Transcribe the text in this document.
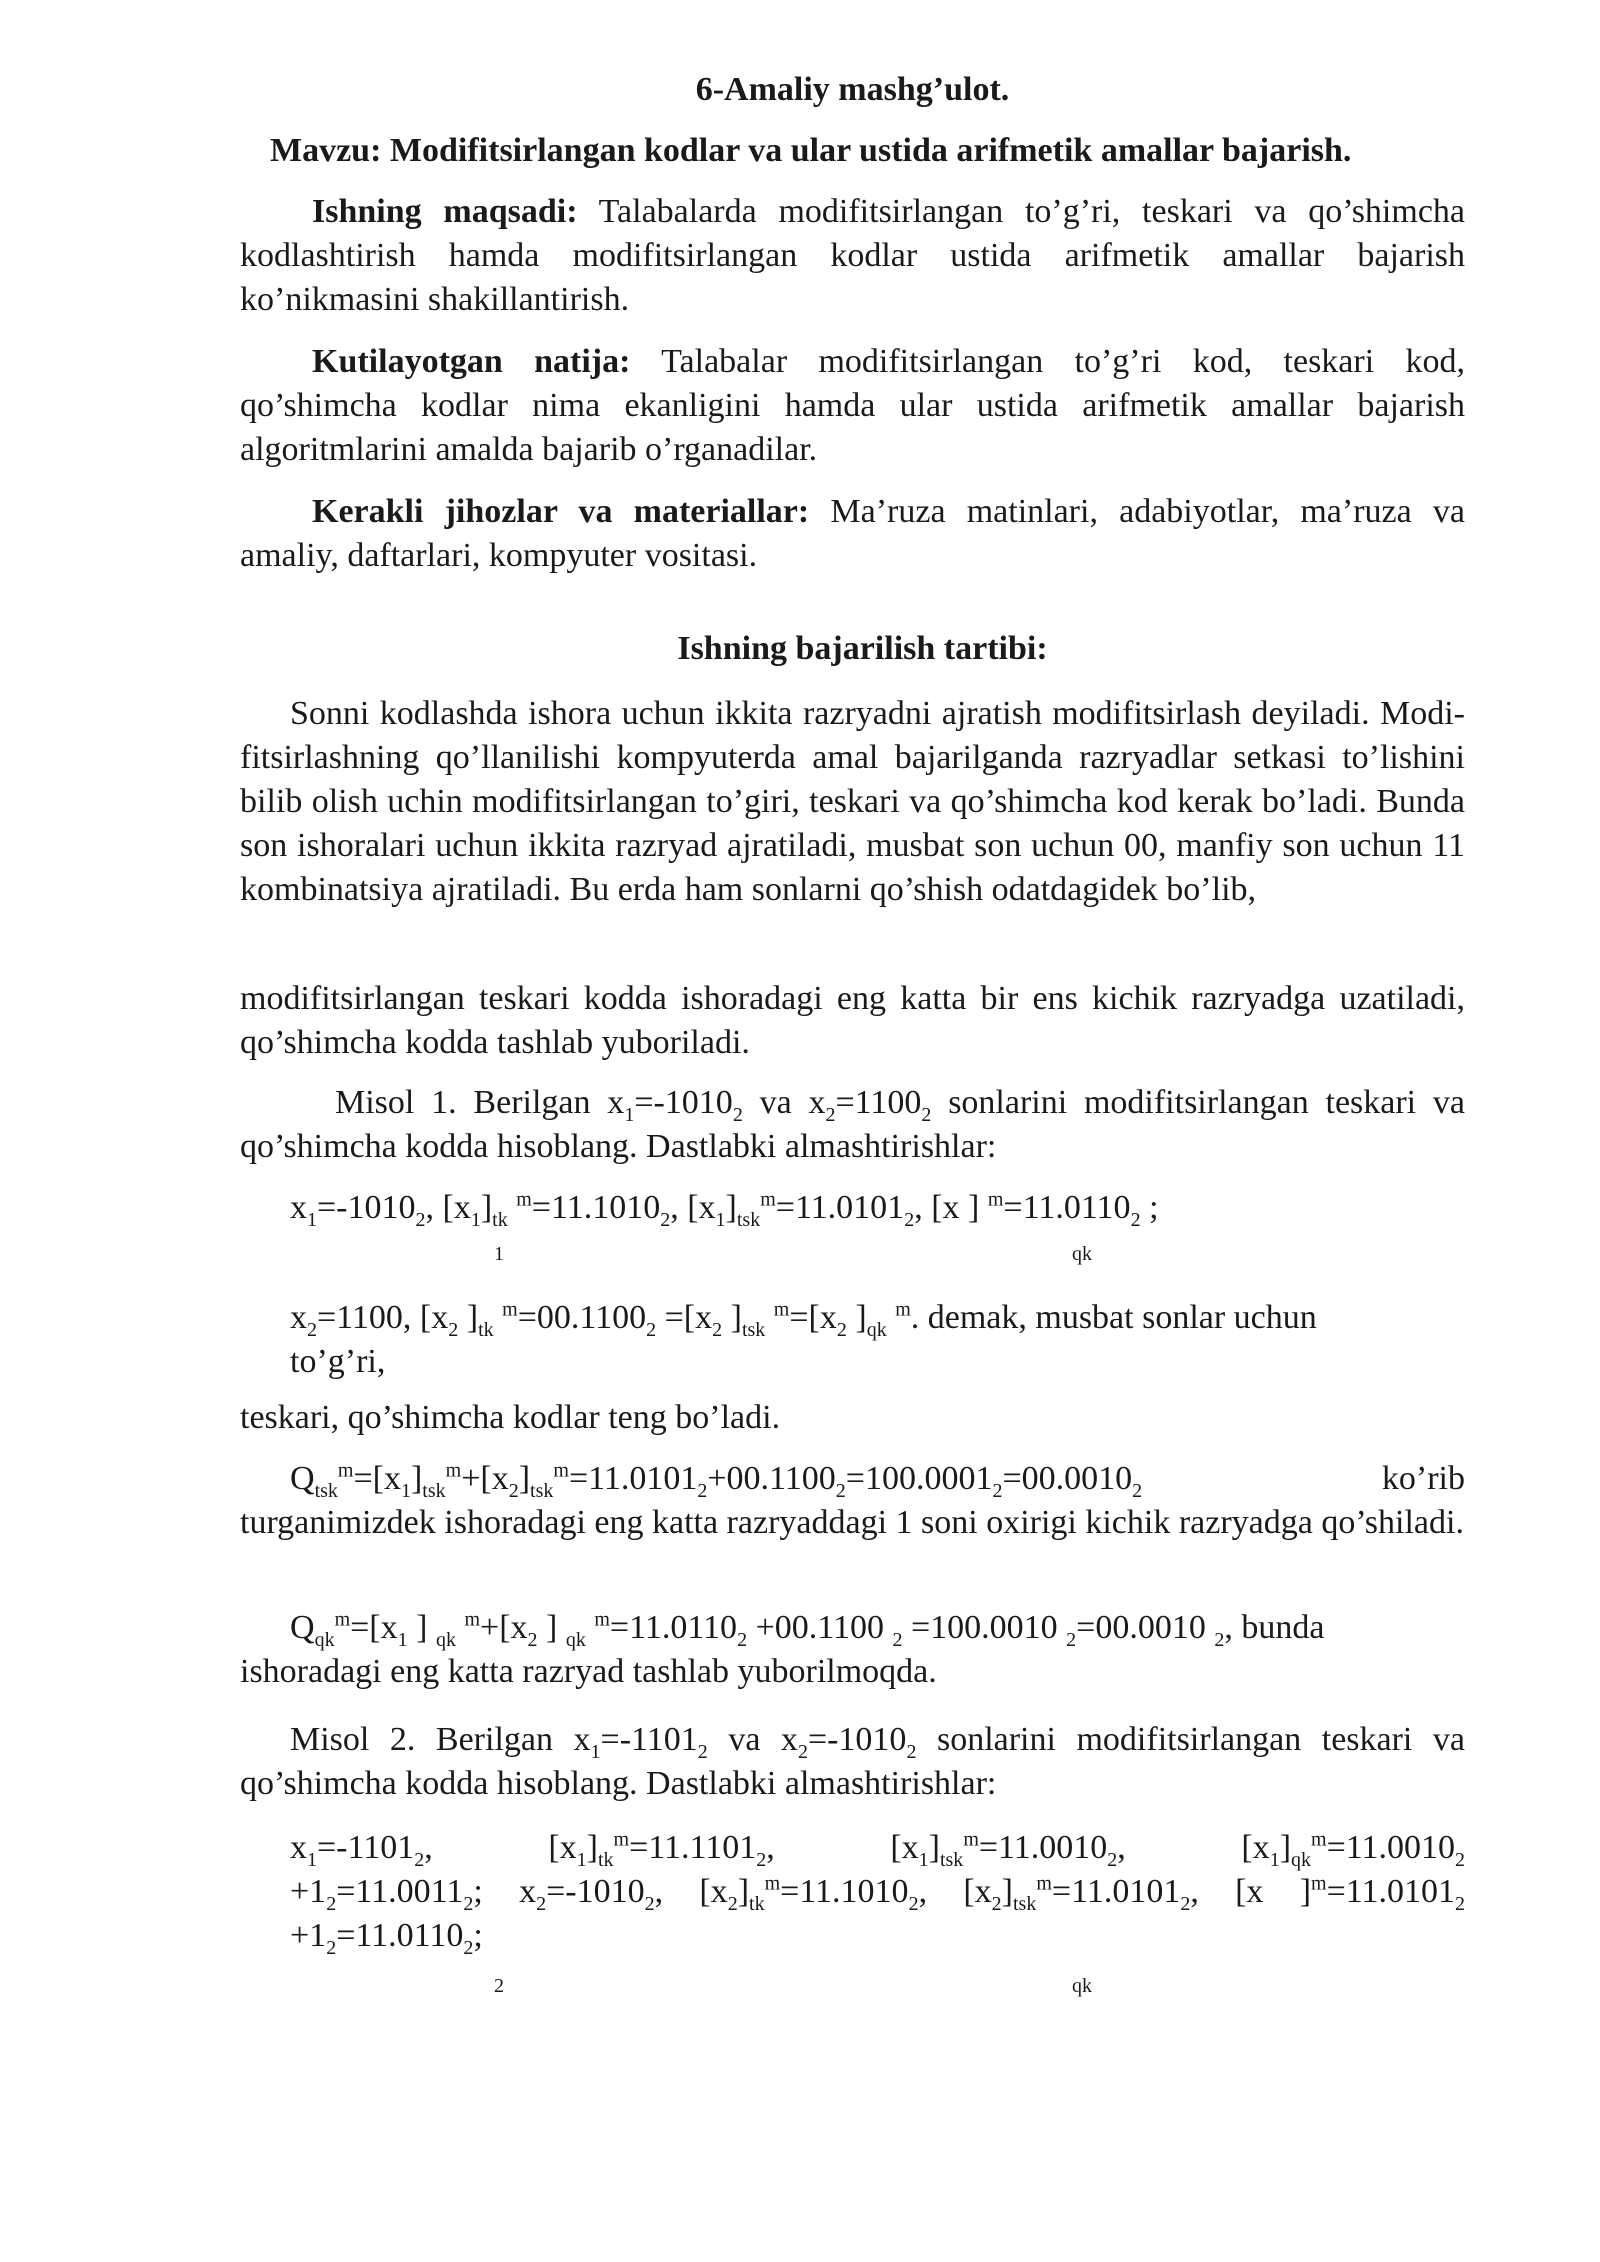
6-Amaliy mashg’ulot.
Mavzu: Modifitsirlangan kodlar va ular ustida arifmetik amallar bajarish.
Ishning maqsadi: Talabalarda modifitsirlangan to’g’ri, teskari va qo’shimcha kodlashtirish hamda modifitsirlangan kodlar ustida arifmetik amallar bajarish ko’nikmasini shakillantirish.
Kutilayotgan natija: Talabalar modifitsirlangan to’g’ri kod, teskari kod, qo’shimcha kodlar nima ekanligini hamda ular ustida arifmetik amallar bajarish algoritmlarini amalda bajarib o’rganadilar.
Kerakli jihozlar va materiallar: Ma’ruza matinlari, adabiyotlar, ma’ruza va amaliy, daftarlari, kompyuter vositasi.
Ishning bajarilish tartibi:
Sonni kodlashda ishora uchun ikkita razryadni ajratish modifitsirlash deyiladi. Modi- fitsirlashning qo’llanilishi kompyuterda amal bajarilganda razryadlar setkasi to’lishini bilib olish uchin modifitsirlangan to’giri, teskari va qo’shimcha kod kerak bo’ladi. Bunda son ishoralari uchun ikkita razryad ajratiladi, musbat son uchun 00, manfiy son uchun 11 kombinatsiya ajratiladi. Bu erda ham sonlarni qo’shish odatdagidek bo’lib,
modifitsirlangan teskari kodda ishoradagi eng katta bir ens kichik razryadga uzatiladi, qo’shimcha kodda tashlab yuboriladi.
Misol 1. Berilgan $x_1=-1010_2$ va $x_2=1100_2$ sonlarini modifitsirlangan teskari va qo’shimcha kodda hisoblang. Dastlabki almashtirishlar:
$x_1=-1010_2$, $[x_1]_{tk}$ $^m=11.1010_2$, $[x_1]_{tsk}^m=11.0101_2$, [x ] $^m=11.0110_2$ ;
1	qk
$x_2=1100$, [$x_2$ ]$_{tk}$ $^m=00.1100_2 =[x_2$ ]$_{tsk}$ $^m=[x_2$ ]$_{qk}$ $^m$. demak, musbat sonlar uchun
to’g’ri,
teskari, qo’shimcha kodlar teng bo’ladi.
$Q_{tsk}^m=[x_1]_{tsk}^m+[x_2]_{tsk}^m=11.0101_2+00.1100_2=100.0001_2=00.0010_2$	ko’rib
turganimizdek ishoradagi eng katta razryaddagi 1 soni oxirigi kichik razryadga qo’shiladi.
$Q_{qk}^m=[x_1$ ] $_{qk}$ $^m+[x_2$ ] $_{qk}$ $^m=11.0110_2 +00.1100$ $_2$ =100.0010 $_2$=00.0010 $_2$, bunda
ishoradagi eng katta razryad tashlab yuborilmoqda.
Misol 2. Berilgan $x_1=-1101_2$ va $x_2=-1010_2$ sonlarini modifitsirlangan teskari va qo’shimcha kodda hisoblang. Dastlabki almashtirishlar:
$x_1=-1101_2$,	$[x_1]_{tk}^m=11.1101_2$,	$[x_1]_{tsk}^m=11.0010_2$,	$[x_1]_{qk}^m=11.0010_2$
$+1_2=11.0011_2$; $x_2=-1010_2$, $[x_2]_{tk}^m=11.1010_2$, $[x_2]_{tsk}^m=11.0101_2$, [x ]$^m=11.0101_2$
$+1_2=11.0110_2$;
2	qk
